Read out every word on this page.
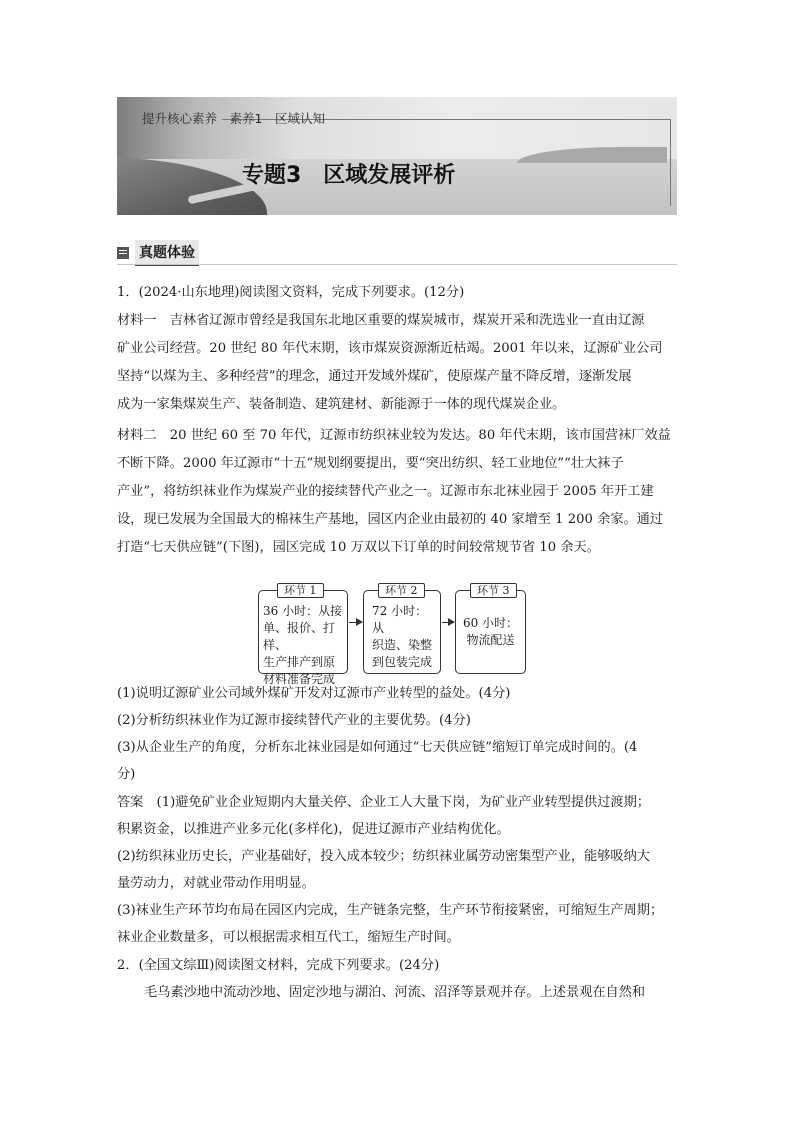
提升核心素养　素养1　区域认知
专题3　区域发展评析
真题体验
1．(2024·山东地理)阅读图文资料，完成下列要求。(12分)
材料一　吉林省辽源市曾经是我国东北地区重要的煤炭城市，煤炭开采和洗选业一直由辽源
矿业公司经营。20 世纪 80 年代末期，该市煤炭资源渐近枯竭。2001 年以来，辽源矿业公司
坚持“以煤为主、多种经营”的理念，通过开发域外煤矿，使原煤产量不降反增，逐渐发展
成为一家集煤炭生产、装备制造、建筑建材、新能源于一体的现代煤炭企业。
材料二　20 世纪 60 至 70 年代，辽源市纺织袜业较为发达。80 年代末期，该市国营袜厂效益
不断下降。2000 年辽源市“十五”规划纲要提出，要“突出纺织、轻工业地位”“壮大袜子
产业”，将纺织袜业作为煤炭产业的接续替代产业之一。辽源市东北袜业园于 2005 年开工建
设，现已发展为全国最大的棉袜生产基地，园区内企业由最初的 40 家增至 1 200 余家。通过
打造“七天供应链”(下图)，园区完成 10 万双以下订单的时间较常规节省 10 余天。
环节 1
36 小时：从接
单、报价、打样、
生产排产到原
材料准备完成
环节 2
72 小时：从
织造、染整
到包装完成
环节 3
60 小时：
物流配送
(1)说明辽源矿业公司域外煤矿开发对辽源市产业转型的益处。(4分)
(2)分析纺织袜业作为辽源市接续替代产业的主要优势。(4分)
(3)从企业生产的角度，分析东北袜业园是如何通过“七天供应链”缩短订单完成时间的。(4
分)
答案　(1)避免矿业企业短期内大量关停、企业工人大量下岗，为矿业产业转型提供过渡期；
积累资金，以推进产业多元化(多样化)，促进辽源市产业结构优化。
(2)纺织袜业历史长，产业基础好，投入成本较少；纺织袜业属劳动密集型产业，能够吸纳大
量劳动力，对就业带动作用明显。
(3)袜业生产环节均布局在园区内完成，生产链条完整，生产环节衔接紧密，可缩短生产周期；
袜业企业数量多，可以根据需求相互代工，缩短生产时间。
2．(全国文综Ⅲ)阅读图文材料，完成下列要求。(24分)
毛乌素沙地中流动沙地、固定沙地与湖泊、河流、沼泽等景观并存。上述景观在自然和
